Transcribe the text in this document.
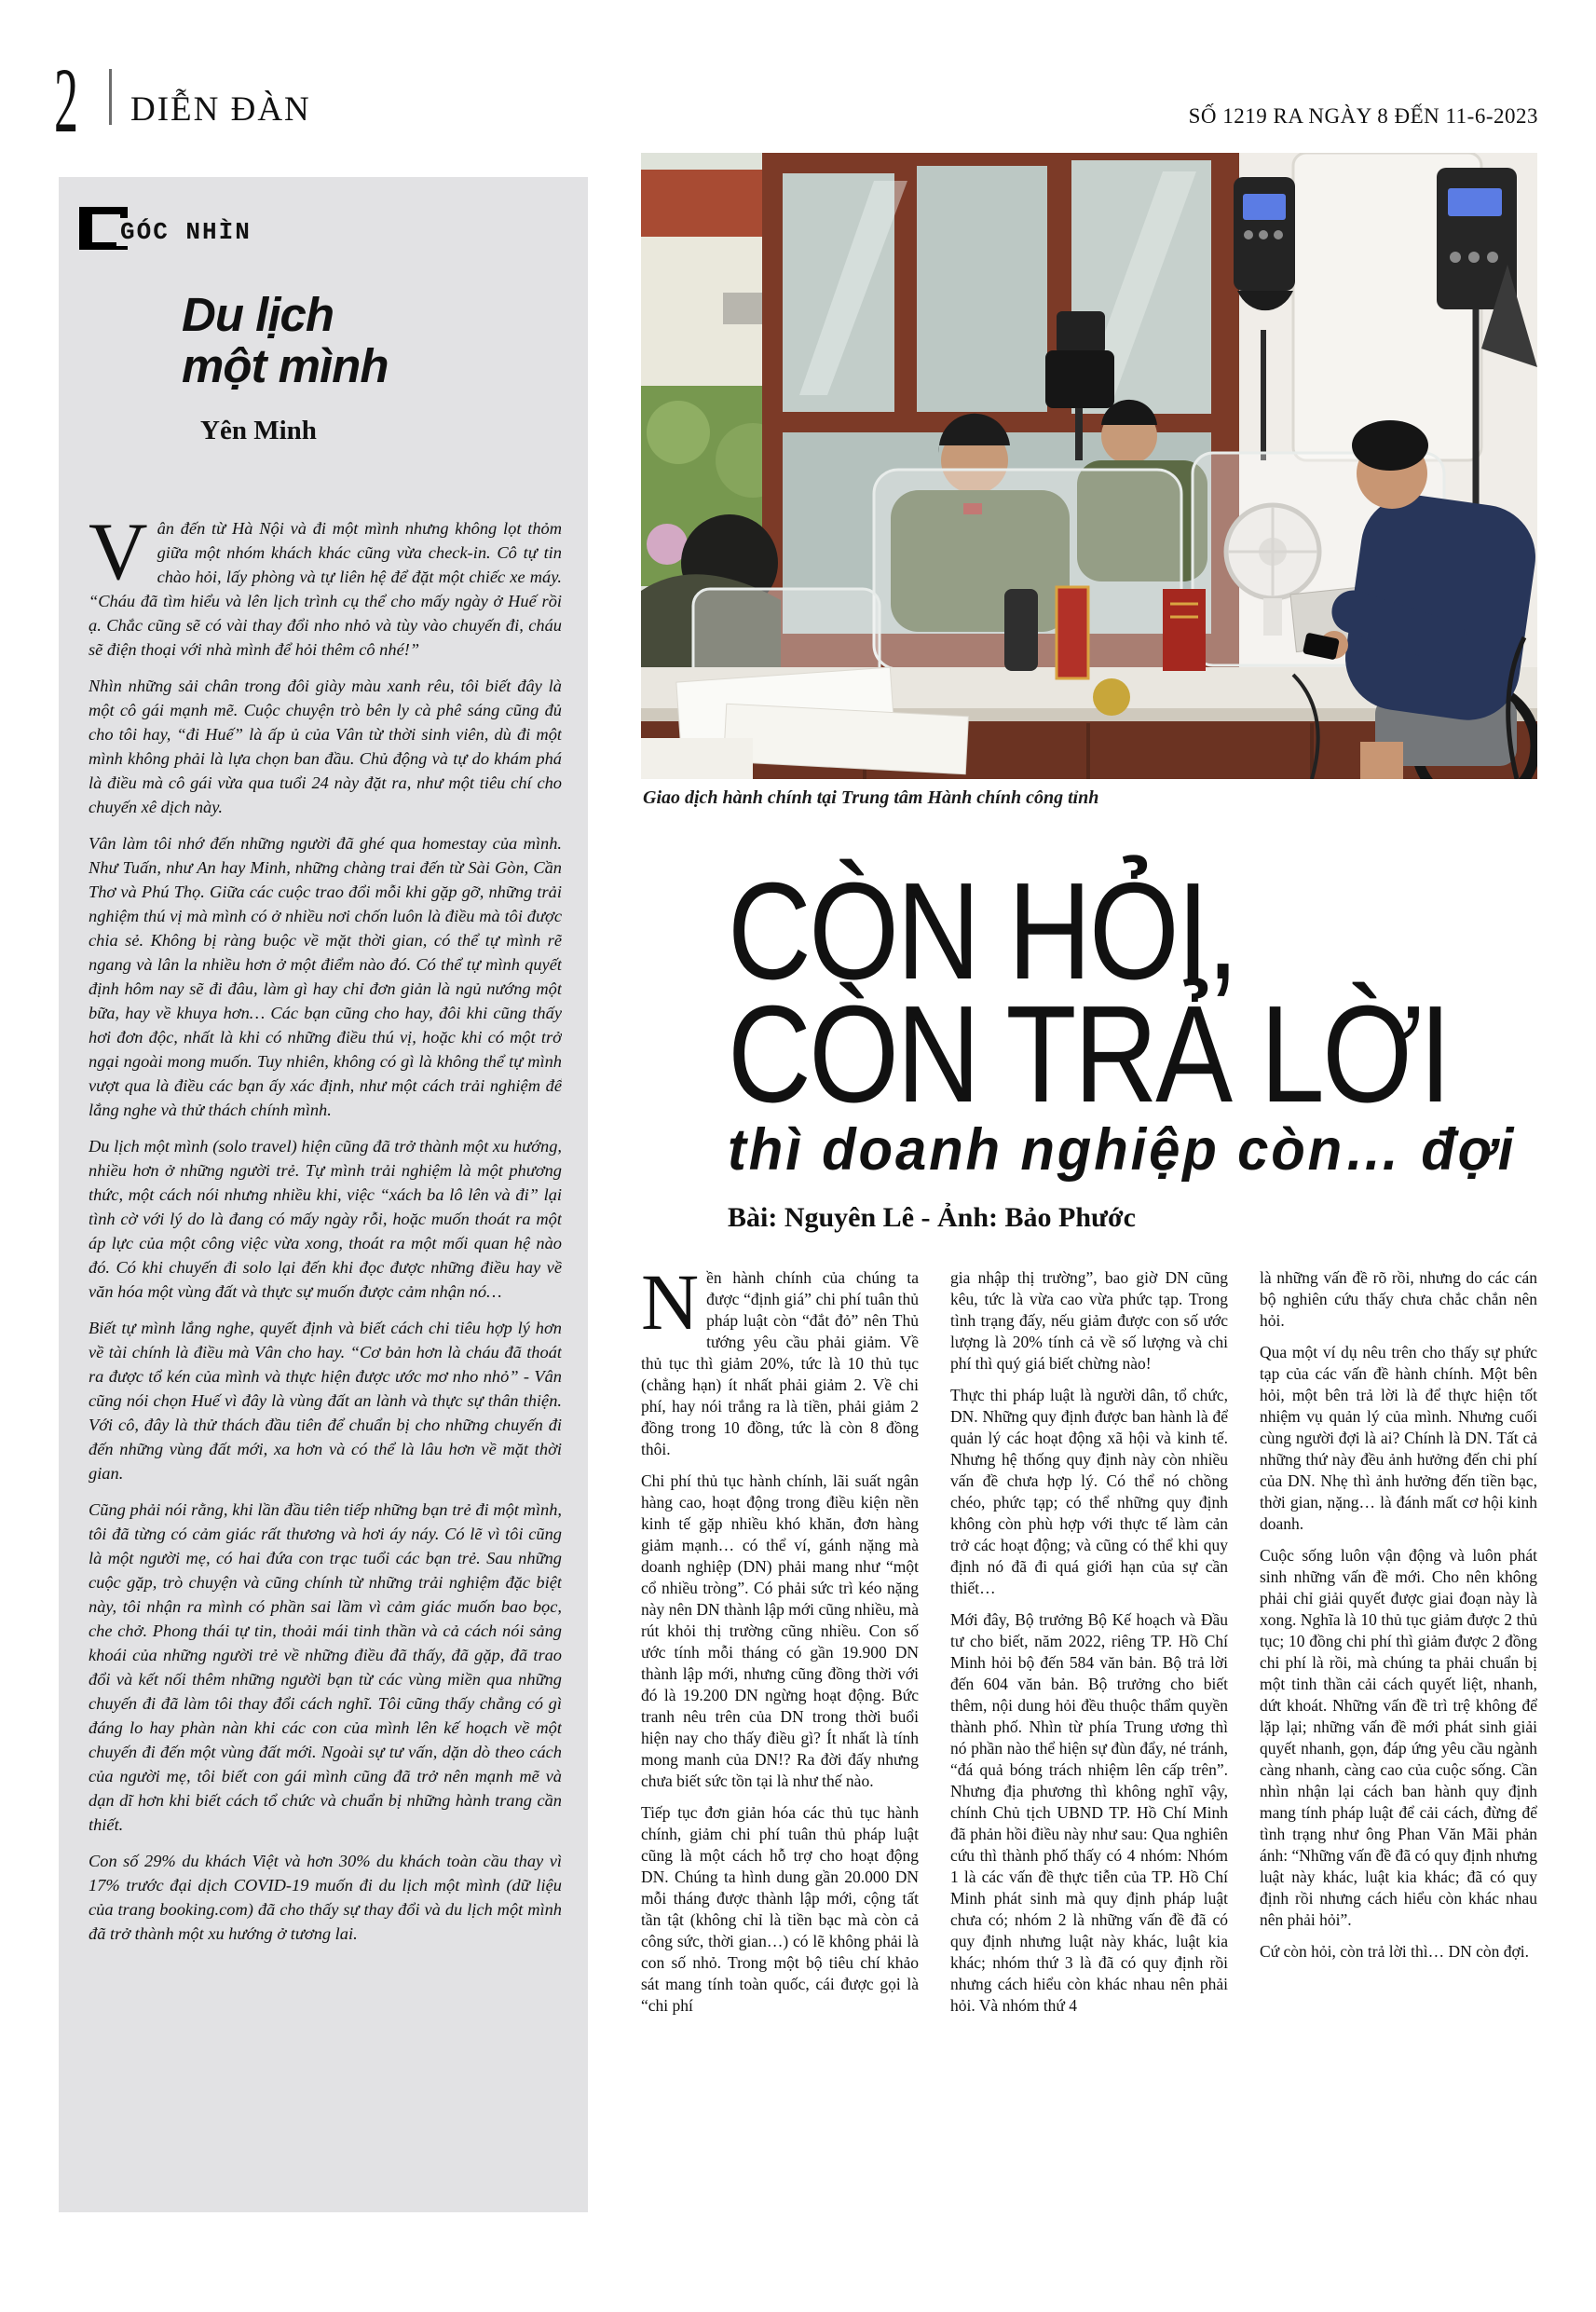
2 DIỄN ĐÀN	SỐ 1219 RA NGÀY 8 ĐẾN 11-6-2023
GÓC NHÌN
Du lịch
một mình
Yên Minh

Vân đến từ Hà Nội và đi một mình nhưng không lọt thỏm giữa một nhóm khách khác cũng vừa check-in. Cô tự tin chào hỏi, lấy phòng và tự liên hệ để đặt một chiếc xe máy. “Cháu đã tìm hiểu và lên lịch trình cụ thể cho mấy ngày ở Huế rồi ạ. Chắc cũng sẽ có vài thay đổi nho nhỏ và tùy vào chuyến đi, cháu sẽ điện thoại với nhà mình để hỏi thêm cô nhé!”

Nhìn những sải chân trong đôi giày màu xanh rêu, tôi biết đây là một cô gái mạnh mẽ. Cuộc chuyện trò bên ly cà phê sáng cũng đủ cho tôi hay, “đi Huế” là ấp ủ của Vân từ thời sinh viên, dù đi một mình không phải là lựa chọn ban đầu. Chủ động và tự do khám phá là điều mà cô gái vừa qua tuổi 24 này đặt ra, như một tiêu chí cho chuyến xê dịch này.

Vân làm tôi nhớ đến những người đã ghé qua homestay của mình. Như Tuấn, như An hay Minh, những chàng trai đến từ Sài Gòn, Cần Thơ và Phú Thọ. Giữa các cuộc trao đổi mỗi khi gặp gỡ, những trải nghiệm thú vị mà mình có ở nhiều nơi chốn luôn là điều mà tôi được chia sẻ. Không bị ràng buộc về mặt thời gian, có thể tự mình rẽ ngang và lân la nhiều hơn ở một điểm nào đó. Có thể tự mình quyết định hôm nay sẽ đi đâu, làm gì hay chỉ đơn giản là ngủ nướng một bữa, hay về khuya hơn… Các bạn cũng cho hay, đôi khi cũng thấy hơi đơn độc, nhất là khi có những điều thú vị, hoặc khi có một trở ngại ngoài mong muốn. Tuy nhiên, không có gì là không thể tự mình vượt qua là điều các bạn ấy xác định, như một cách trải nghiệm để lắng nghe và thử thách chính mình.

Du lịch một mình (solo travel) hiện cũng đã trở thành một xu hướng, nhiều hơn ở những người trẻ. Tự mình trải nghiệm là một phương thức, một cách nói nhưng nhiều khi, việc “xách ba lô lên và đi” lại tình cờ với lý do là đang có mấy ngày rỗi, hoặc muốn thoát ra một áp lực của một công việc vừa xong, thoát ra một mối quan hệ nào đó. Có khi chuyến đi solo lại đến khi đọc được những điều hay về văn hóa một vùng đất và thực sự muốn được cảm nhận nó…

Biết tự mình lắng nghe, quyết định và biết cách chi tiêu hợp lý hơn về tài chính là điều mà Vân cho hay. “Cơ bản hơn là cháu đã thoát ra được tổ kén của mình và thực hiện được ước mơ nho nhỏ” - Vân cũng nói chọn Huế vì đây là vùng đất an lành và thực sự thân thiện. Với cô, đây là thử thách đầu tiên để chuẩn bị cho những chuyến đi đến những vùng đất mới, xa hơn và có thể là lâu hơn về mặt thời gian.

Cũng phải nói rằng, khi lần đầu tiên tiếp những bạn trẻ đi một mình, tôi đã từng có cảm giác rất thương và hơi áy náy. Có lẽ vì tôi cũng là một người mẹ, có hai đứa con trạc tuổi các bạn trẻ. Sau những cuộc gặp, trò chuyện và cũng chính từ những trải nghiệm đặc biệt này, tôi nhận ra mình có phần sai lầm vì cảm giác muốn bao bọc, che chở. Phong thái tự tin, thoải mái tinh thần và cả cách nói sảng khoái của những người trẻ về những điều đã thấy, đã gặp, đã trao đổi và kết nối thêm những người bạn từ các vùng miền qua những chuyến đi đã làm tôi thay đổi cách nghĩ. Tôi cũng thấy chẳng có gì đáng lo hay phàn nàn khi các con của mình lên kế hoạch về một chuyến đi đến một vùng đất mới. Ngoài sự tư vấn, dặn dò theo cách của người mẹ, tôi biết con gái mình cũng đã trở nên mạnh mẽ và dạn dĩ hơn khi biết cách tổ chức và chuẩn bị những hành trang cần thiết.

Con số 29% du khách Việt và hơn 30% du khách toàn cầu thay vì 17% trước đại dịch COVID-19 muốn đi du lịch một mình (dữ liệu của trang booking.com) đã cho thấy sự thay đổi và du lịch một mình đã trở thành một xu hướng ở tương lai.

Giao dịch hành chính tại Trung tâm Hành chính công tỉnh
CÒN HỎI,
CÒN TRẢ LỜI
thì doanh nghiệp còn… đợi
Bài: Nguyên Lê - Ảnh: Bảo Phước

Nền hành chính của chúng ta được “định giá” chi phí tuân thủ pháp luật còn “đắt đỏ” nên Thủ tướng yêu cầu phải giảm. Về thủ tục thì giảm 20%, tức là 10 thủ tục (chẳng hạn) ít nhất phải giảm 2. Về chi phí, hay nói trắng ra là tiền, phải giảm 2 đồng trong 10 đồng, tức là còn 8 đồng thôi.

Chi phí thủ tục hành chính, lãi suất ngân hàng cao, hoạt động trong điều kiện nền kinh tế gặp nhiều khó khăn, đơn hàng giảm mạnh… có thể ví, gánh nặng mà doanh nghiệp (DN) phải mang như “một cổ nhiều tròng”. Có phải sức trì kéo nặng này nên DN thành lập mới cũng nhiều, mà rút khỏi thị trường cũng nhiều. Con số ước tính mỗi tháng có gần 19.900 DN thành lập mới, nhưng cũng đồng thời với đó là 19.200 DN ngừng hoạt động. Bức tranh nêu trên của DN trong thời buổi hiện nay cho thấy điều gì? Ít nhất là tính mong manh của DN!? Ra đời đấy nhưng chưa biết sức tồn tại là như thế nào.

Tiếp tục đơn giản hóa các thủ tục hành chính, giảm chi phí tuân thủ pháp luật cũng là một cách hỗ trợ cho hoạt động DN. Chúng ta hình dung gần 20.000 DN mỗi tháng được thành lập mới, cộng tất tần tật (không chỉ là tiền bạc mà còn cả công sức, thời gian…) có lẽ không phải là con số nhỏ. Trong một bộ tiêu chí khảo sát mang tính toàn quốc, cái được gọi là “chi phí

gia nhập thị trường”, bao giờ DN cũng kêu, tức là vừa cao vừa phức tạp. Trong tình trạng đấy, nếu giảm được con số ước lượng là 20% tính cả về số lượng và chi phí thì quý giá biết chừng nào!

Thực thi pháp luật là người dân, tổ chức, DN. Những quy định được ban hành là để quản lý các hoạt động xã hội và kinh tế. Nhưng hệ thống quy định này còn nhiều vấn đề chưa hợp lý. Có thể nó chồng chéo, phức tạp; có thể những quy định không còn phù hợp với thực tế làm cản trở các hoạt động; và cũng có thể khi quy định nó đã đi quá giới hạn của sự cần thiết…

Mới đây, Bộ trưởng Bộ Kế hoạch và Đầu tư cho biết, năm 2022, riêng TP. Hồ Chí Minh hỏi bộ đến 584 văn bản. Bộ trả lời đến 604 văn bản. Bộ trưởng cho biết thêm, nội dung hỏi đều thuộc thẩm quyền thành phố. Nhìn từ phía Trung ương thì nó phần nào thể hiện sự đùn đẩy, né tránh, “đá quả bóng trách nhiệm lên cấp trên”. Nhưng địa phương thì không nghĩ vậy, chính Chủ tịch UBND TP. Hồ Chí Minh đã phản hồi điều này như sau: Qua nghiên cứu thì thành phố thấy có 4 nhóm: Nhóm 1 là các vấn đề thực tiễn của TP. Hồ Chí Minh phát sinh mà quy định pháp luật chưa có; nhóm 2 là những vấn đề đã có quy định nhưng luật này khác, luật kia khác; nhóm thứ 3 là đã có quy định rồi nhưng cách hiểu còn khác nhau nên phải hỏi. Và nhóm thứ 4

là những vấn đề rõ rồi, nhưng do các cán bộ nghiên cứu thấy chưa chắc chắn nên hỏi.

Qua một ví dụ nêu trên cho thấy sự phức tạp của các vấn đề hành chính. Một bên hỏi, một bên trả lời là để thực hiện tốt nhiệm vụ quản lý của mình. Nhưng cuối cùng người đợi là ai? Chính là DN. Tất cả những thứ này đều ảnh hưởng đến chi phí của DN. Nhẹ thì ảnh hưởng đến tiền bạc, thời gian, nặng… là đánh mất cơ hội kinh doanh.

Cuộc sống luôn vận động và luôn phát sinh những vấn đề mới. Cho nên không phải chỉ giải quyết được giai đoạn này là xong. Nghĩa là 10 thủ tục giảm được 2 thủ tục; 10 đồng chi phí thì giảm được 2 đồng chi phí là rồi, mà chúng ta phải chuẩn bị một tinh thần cải cách quyết liệt, nhanh, dứt khoát. Những vấn đề trì trệ không để lặp lại; những vấn đề mới phát sinh giải quyết nhanh, gọn, đáp ứng yêu cầu ngành càng nhanh, càng cao của cuộc sống. Cần nhìn nhận lại cách ban hành quy định mang tính pháp luật để cải cách, đừng để tình trạng như ông Phan Văn Mãi phản ánh: “Những vấn đề đã có quy định nhưng luật này khác, luật kia khác; đã có quy định rồi nhưng cách hiểu còn khác nhau nên phải hỏi”.

Cứ còn hỏi, còn trả lời thì… DN còn đợi.
